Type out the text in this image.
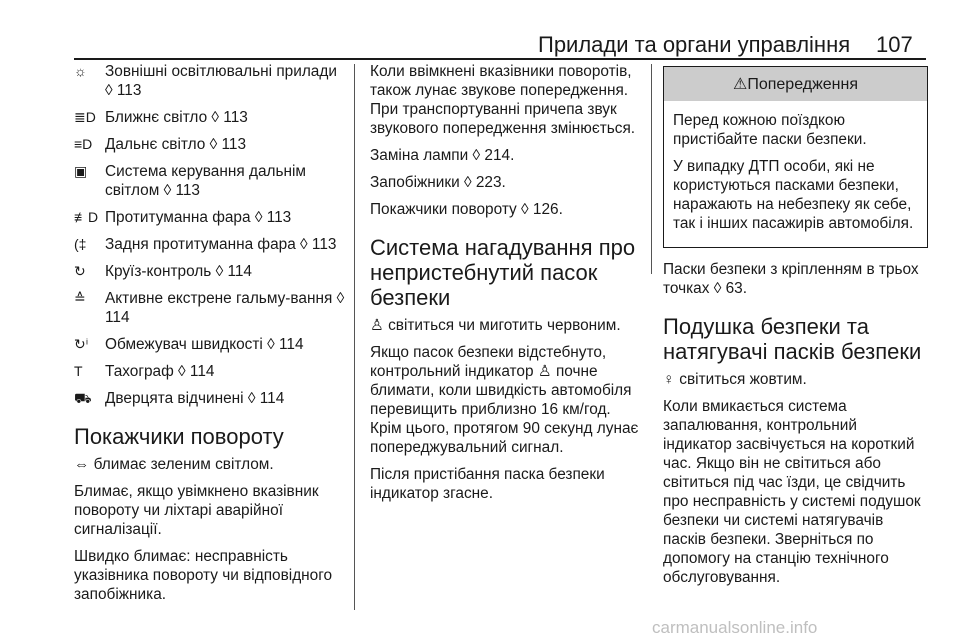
Прилади та органи управління 107
☼	Зовнішні освітлювальні прилади ◊ 113
≣D Ближнє світло ◊ 113
≡D Дальнє світло ◊ 113
▣	Система керування дальнім світлом ◊ 113
≢D Протитуманна фара ◊ 113
(‡	Задня протитуманна фара ◊ 113
↻	Круїз-контроль ◊ 114
≙	Активне екстрене гальму-вання ◊ 114
↻ⁱ	Обмежувач швидкості ◊ 114
T	Тахограф ◊ 114
⛟ Дверцята відчинені ◊ 114
Покажчики повороту

⇔ блимає зеленим світлом.

Блимає, якщо увімкнено вказівник повороту чи ліхтарі аварійної сигналізації.

Швидко блимає: несправність указівника повороту чи відповідного запобіжника.

Коли ввімкнені вказівники поворотів, також лунає звукове попередження. При транспортуванні причепа звук звукового попередження змінюється.

Заміна лампи ◊ 214.

Запобіжники ◊ 223.

Покажчики повороту ◊ 126.

Система нагадування про непристебнутий пасок безпеки

♙ світиться чи миготить червоним.

Якщо пасок безпеки відстебнуто, контрольний індикатор ♙ почне блимати, коли швидкість автомобіля перевищить приблизно 16 км/год. Крім цього, протягом 90 секунд лунає попереджувальний сигнал.

Після пристібання паска безпеки індикатор згасне.

⚠Попередження

Перед кожною поїздкою пристібайте паски безпеки.

У випадку ДТП особи, які не користуються пасками безпеки, наражають на небезпеку як себе, так і інших пасажирів автомобіля.

Паски безпеки з кріпленням в трьох точках ◊ 63.

Подушка безпеки та натягувачі пасків безпеки

♀ світиться жовтим.

Коли вмикається система запалювання, контрольний індикатор засвічується на короткий час. Якщо він не світиться або світиться під час їзди, це свідчить про несправність у системі подушок безпеки чи системі натягувачів пасків безпеки. Зверніться по допомогу на станцію технічного обслуговування.

carmanualsonline.info
